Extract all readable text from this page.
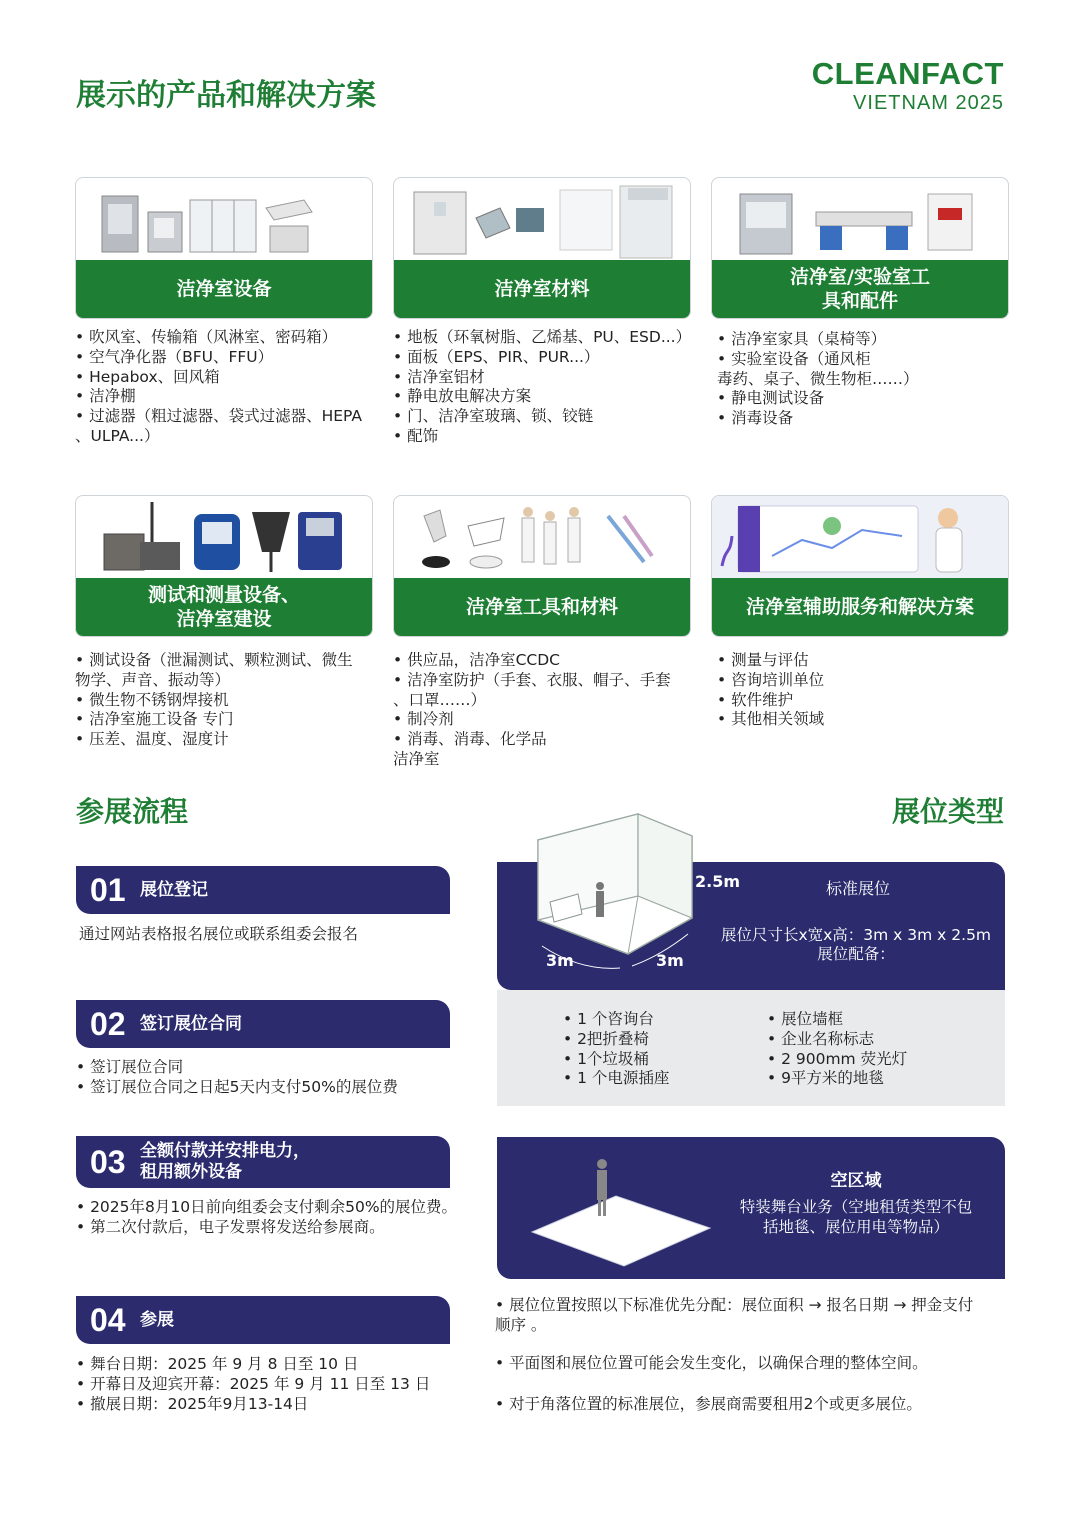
展示的产品和解决方案
CLEANFACT
VIETNAM 2025
洁净室设备
• 吹风室、传输箱（风淋室、密码箱）
• 空气净化器（BFU、FFU）
• Hepabox、回风箱
• 洁净棚
• 过滤器（粗过滤器、袋式过滤器、HEPA
、ULPA...）
洁净室材料
• 地板（环氧树脂、乙烯基、PU、ESD...）
• 面板（EPS、PIR、PUR...）
• 洁净室铝材
• 静电放电解决方案
• 门、洁净室玻璃、锁、铰链
• 配饰
洁净室/实验室工
具和配件
• 洁净室家具（桌椅等）
• 实验室设备（通风柜
毒药、桌子、微生物柜……）
• 静电测试设备
• 消毒设备
测试和测量设备、
洁净室建设
• 测试设备（泄漏测试、颗粒测试、微生
物学、声音、振动等）
• 微生物不锈钢焊接机
• 洁净室施工设备 专门
• 压差、温度、湿度计
洁净室工具和材料
• 供应品，洁净室CCDC
• 洁净室防护（手套、衣服、帽子、手套
、口罩……）
• 制冷剂
• 消毒、消毒、化学品
洁净室
洁净室辅助服务和解决方案
• 测量与评估
• 咨询培训单位
• 软件维护
• 其他相关领域
参展流程	展位类型
01 展位登记
通过网站表格报名展位或联系组委会报名
02 签订展位合同
• 签订展位合同
• 签订展位合同之日起5天内支付50%的展位费
03 全额付款并安排电力，
租用额外设备
• 2025年8月10日前向组委会支付剩余50%的展位费。
• 第二次付款后，电子发票将发送给参展商。
04 参展
• 舞台日期：2025 年 9 月 8 日至 10 日
• 开幕日及迎宾开幕：2025 年 9 月 11 日至 13 日
• 撤展日期：2025年9月13-14日
2.5m
3m	3m
标准展位
展位尺寸长x宽x高：3m x 3m x 2.5m
展位配备：
• 1 个咨询台
• 2把折叠椅
• 1个垃圾桶
• 1 个电源插座
• 展位墙框
• 企业名称标志
• 2 900mm 荧光灯
• 9平方米的地毯
空区域
特装舞台业务（空地租赁类型不包
括地毯、展位用电等物品）
• 展位位置按照以下标准优先分配：展位面积 → 报名日期 → 押金支付
顺序 。
• 平面图和展位位置可能会发生变化，以确保合理的整体空间。
• 对于角落位置的标准展位，参展商需要租用2个或更多展位。
